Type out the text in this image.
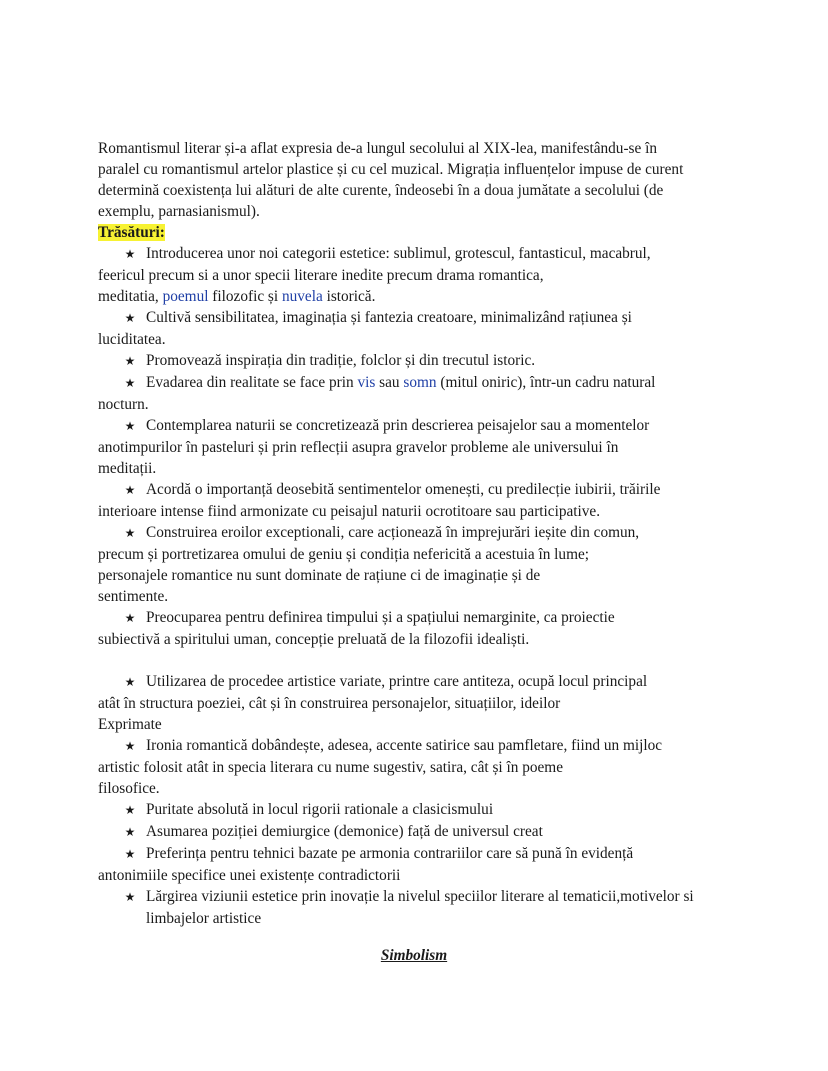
Romantismul literar și-a aflat expresia de-a lungul secolului al XIX-lea, manifestându-se în

paralel cu romantismul artelor plastice și cu cel muzical. Migrația influențelor impuse de curent

determină coexistența lui alături de alte curente, îndeosebi în a doua jumătate a secolului (de

exemplu, parnasianismul).

Trăsături:

★ Introducerea unor noi categorii estetice: sublimul, grotescul, fantasticul, macabrul,

feericul precum si a unor specii literare inedite precum drama romantica,

meditatia, poemul filozofic și nuvela istorică.

★ Cultivă sensibilitatea, imaginația și fantezia creatoare, minimalizând rațiunea și

luciditatea.

★ Promovează inspirația din tradiție, folclor și din trecutul istoric.

★ Evadarea din realitate se face prin vis sau somn (mitul oniric), într-un cadru natural

nocturn.

★ Contemplarea naturii se concretizează prin descrierea peisajelor sau a momentelor

anotimpurilor în pasteluri și prin reflecții asupra gravelor probleme ale universului în

meditații.

★ Acordă o importanță deosebită sentimentelor omenești, cu predilecție iubirii, trăirile

interioare intense fiind armonizate cu peisajul naturii ocrotitoare sau participative.

★ Construirea eroilor exceptionali, care acționează în imprejurări ieșite din comun,

precum și portretizarea omului de geniu și condiția nefericită a acestuia în lume;

personajele romantice nu sunt dominate de rațiune ci de imaginație și de

sentimente.

★ Preocuparea pentru definirea timpului și a spațiului nemarginite, ca proiectie

subiectivă a spiritului uman, concepție preluată de la filozofii idealiști.

★ Utilizarea de procedee artistice variate, printre care antiteza, ocupă locul principal

atât în structura poeziei, cât și în construirea personajelor, situațiilor, ideilor

Exprimate

★ Ironia romantică dobândește, adesea, accente satirice sau pamfletare, fiind un mijloc

artistic folosit atât in specia literara cu nume sugestiv, satira, cât și în poeme

filosofice.

★ Puritate absolută in locul rigorii rationale a clasicismului

★ Asumarea poziției demiurgice (demonice) față de universul creat

★ Preferința pentru tehnici bazate pe armonia contrariilor care să pună în evidență

antonimiile specifice unei existențe contradictorii

★ Lărgirea viziunii estetice prin inovație la nivelul speciilor literare al tematicii,motivelor si

limbajelor artistice

Simbolism
